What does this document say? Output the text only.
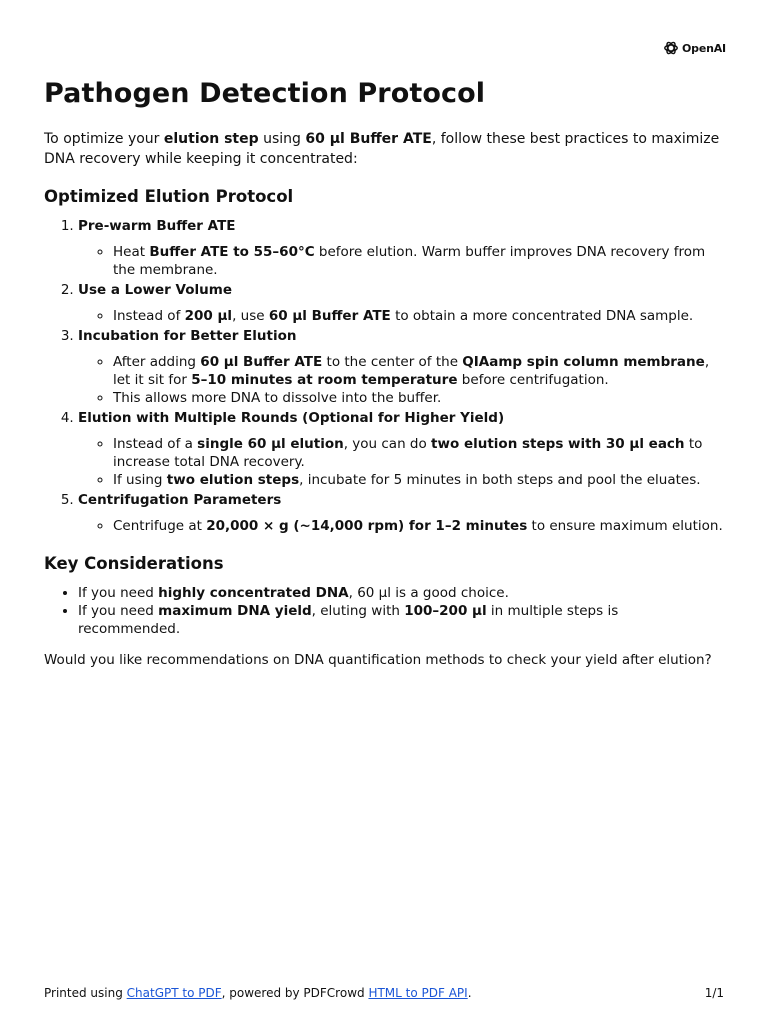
OpenAI
Pathogen Detection Protocol

To optimize your elution step using 60 µl Buffer ATE, follow these best practices to maximize DNA recovery while keeping it concentrated:

Optimized Elution Protocol
1. Pre-warm Buffer ATE
◦ Heat Buffer ATE to 55–60°C before elution. Warm buffer improves DNA recovery from the membrane.
2. Use a Lower Volume
◦ Instead of 200 µl, use 60 µl Buffer ATE to obtain a more concentrated DNA sample.
3. Incubation for Better Elution
◦ After adding 60 µl Buffer ATE to the center of the QIAamp spin column membrane, let it sit for 5–10 minutes at room temperature before centrifugation.
◦ This allows more DNA to dissolve into the buffer.
4. Elution with Multiple Rounds (Optional for Higher Yield)
◦ Instead of a single 60 µl elution, you can do two elution steps with 30 µl each to increase total DNA recovery.
◦ If using two elution steps, incubate for 5 minutes in both steps and pool the eluates.
5. Centrifugation Parameters
◦ Centrifuge at 20,000 × g (~14,000 rpm) for 1–2 minutes to ensure maximum elution.
Key Considerations
• If you need highly concentrated DNA, 60 µl is a good choice.
• If you need maximum DNA yield, eluting with 100–200 µl in multiple steps is recommended.

Would you like recommendations on DNA quantification methods to check your yield after elution?

Printed using ChatGPT to PDF, powered by PDFCrowd HTML to PDF API.	1/1
